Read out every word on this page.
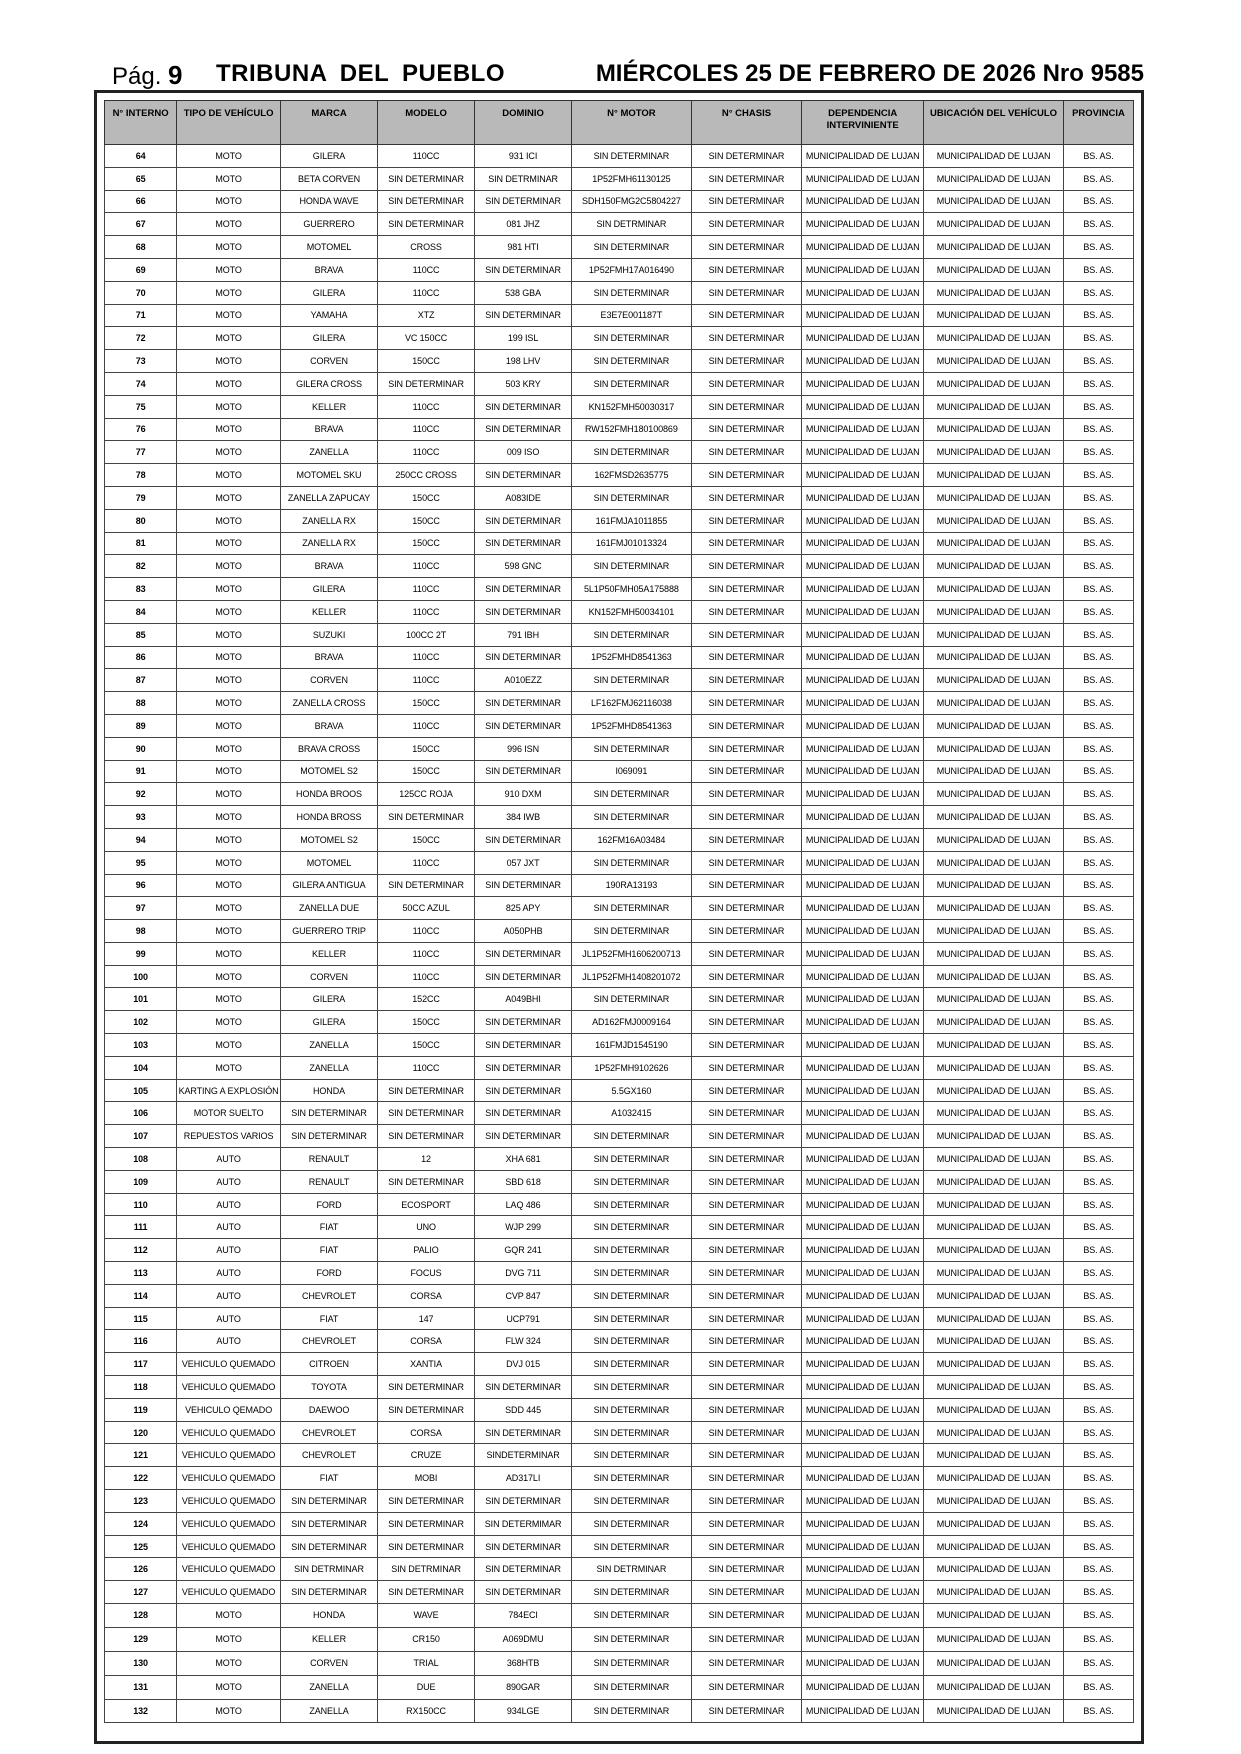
Pág. 9 TRIBUNA DEL PUEBLO	MIÉRCOLES 25 DE FEBRERO DE 2026 Nro 9585
N° INTERNO	TIPO DE VEHÍCULO	MARCA	MODELO	DOMINIO	N° MOTOR	N° CHASIS	DEPENDENCIA INTERVINIENTE	UBICACIÓN DEL VEHÍCULO	PROVINCIA
64	MOTO	GILERA	110CC	931 ICI	SIN DETERMINAR	SIN DETERMINAR	MUNICIPALIDAD DE LUJAN	MUNICIPALIDAD DE LUJAN	BS. AS.
65	MOTO	BETA CORVEN	SIN DETERMINAR	SIN DETRMINAR	1P52FMH61130125	SIN DETERMINAR	MUNICIPALIDAD DE LUJAN	MUNICIPALIDAD DE LUJAN	BS. AS.
66	MOTO	HONDA WAVE	SIN DETERMINAR	SIN DETERMINAR	SDH150FMG2C5804227	SIN DETERMINAR	MUNICIPALIDAD DE LUJAN	MUNICIPALIDAD DE LUJAN	BS. AS.
67	MOTO	GUERRERO	SIN DETERMINAR	081 JHZ	SIN DETRMINAR	SIN DETERMINAR	MUNICIPALIDAD DE LUJAN	MUNICIPALIDAD DE LUJAN	BS. AS.
68	MOTO	MOTOMEL	CROSS	981 HTI	SIN DETERMINAR	SIN DETERMINAR	MUNICIPALIDAD DE LUJAN	MUNICIPALIDAD DE LUJAN	BS. AS.
69	MOTO	BRAVA	110CC	SIN DETERMINAR	1P52FMH17A016490	SIN DETERMINAR	MUNICIPALIDAD DE LUJAN	MUNICIPALIDAD DE LUJAN	BS. AS.
70	MOTO	GILERA	110CC	538 GBA	SIN DETERMINAR	SIN DETERMINAR	MUNICIPALIDAD DE LUJAN	MUNICIPALIDAD DE LUJAN	BS. AS.
71	MOTO	YAMAHA	XTZ	SIN DETERMINAR	E3E7E001187T	SIN DETERMINAR	MUNICIPALIDAD DE LUJAN	MUNICIPALIDAD DE LUJAN	BS. AS.
72	MOTO	GILERA	VC 150CC	199 ISL	SIN DETERMINAR	SIN DETERMINAR	MUNICIPALIDAD DE LUJAN	MUNICIPALIDAD DE LUJAN	BS. AS.
73	MOTO	CORVEN	150CC	198 LHV	SIN DETERMINAR	SIN DETERMINAR	MUNICIPALIDAD DE LUJAN	MUNICIPALIDAD DE LUJAN	BS. AS.
74	MOTO	GILERA CROSS	SIN DETERMINAR	503 KRY	SIN DETERMINAR	SIN DETERMINAR	MUNICIPALIDAD DE LUJAN	MUNICIPALIDAD DE LUJAN	BS. AS.
75	MOTO	KELLER	110CC	SIN DETERMINAR	KN152FMH50030317	SIN DETERMINAR	MUNICIPALIDAD DE LUJAN	MUNICIPALIDAD DE LUJAN	BS. AS.
76	MOTO	BRAVA	110CC	SIN DETERMINAR	RW152FMH180100869	SIN DETERMINAR	MUNICIPALIDAD DE LUJAN	MUNICIPALIDAD DE LUJAN	BS. AS.
77	MOTO	ZANELLA	110CC	009 ISO	SIN DETERMINAR	SIN DETERMINAR	MUNICIPALIDAD DE LUJAN	MUNICIPALIDAD DE LUJAN	BS. AS.
78	MOTO	MOTOMEL SKU	250CC CROSS	SIN DETERMINAR	162FMSD2635775	SIN DETERMINAR	MUNICIPALIDAD DE LUJAN	MUNICIPALIDAD DE LUJAN	BS. AS.
79	MOTO	ZANELLA ZAPUCAY	150CC	A083IDE	SIN DETERMINAR	SIN DETERMINAR	MUNICIPALIDAD DE LUJAN	MUNICIPALIDAD DE LUJAN	BS. AS.
80	MOTO	ZANELLA RX	150CC	SIN DETERMINAR	161FMJA1011855	SIN DETERMINAR	MUNICIPALIDAD DE LUJAN	MUNICIPALIDAD DE LUJAN	BS. AS.
81	MOTO	ZANELLA RX	150CC	SIN DETERMINAR	161FMJ01013324	SIN DETERMINAR	MUNICIPALIDAD DE LUJAN	MUNICIPALIDAD DE LUJAN	BS. AS.
82	MOTO	BRAVA	110CC	598 GNC	SIN DETERMINAR	SIN DETERMINAR	MUNICIPALIDAD DE LUJAN	MUNICIPALIDAD DE LUJAN	BS. AS.
83	MOTO	GILERA	110CC	SIN DETERMINAR	5L1P50FMH05A175888	SIN DETERMINAR	MUNICIPALIDAD DE LUJAN	MUNICIPALIDAD DE LUJAN	BS. AS.
84	MOTO	KELLER	110CC	SIN DETERMINAR	KN152FMH50034101	SIN DETERMINAR	MUNICIPALIDAD DE LUJAN	MUNICIPALIDAD DE LUJAN	BS. AS.
85	MOTO	SUZUKI	100CC 2T	791 IBH	SIN DETERMINAR	SIN DETERMINAR	MUNICIPALIDAD DE LUJAN	MUNICIPALIDAD DE LUJAN	BS. AS.
86	MOTO	BRAVA	110CC	SIN DETERMINAR	1P52FMHD8541363	SIN DETERMINAR	MUNICIPALIDAD DE LUJAN	MUNICIPALIDAD DE LUJAN	BS. AS.
87	MOTO	CORVEN	110CC	A010EZZ	SIN DETERMINAR	SIN DETERMINAR	MUNICIPALIDAD DE LUJAN	MUNICIPALIDAD DE LUJAN	BS. AS.
88	MOTO	ZANELLA CROSS	150CC	SIN DETERMINAR	LF162FMJ62116038	SIN DETERMINAR	MUNICIPALIDAD DE LUJAN	MUNICIPALIDAD DE LUJAN	BS. AS.
89	MOTO	BRAVA	110CC	SIN DETERMINAR	1P52FMHD8541363	SIN DETERMINAR	MUNICIPALIDAD DE LUJAN	MUNICIPALIDAD DE LUJAN	BS. AS.
90	MOTO	BRAVA CROSS	150CC	996 ISN	SIN DETERMINAR	SIN DETERMINAR	MUNICIPALIDAD DE LUJAN	MUNICIPALIDAD DE LUJAN	BS. AS.
91	MOTO	MOTOMEL S2	150CC	SIN DETERMINAR	I069091	SIN DETERMINAR	MUNICIPALIDAD DE LUJAN	MUNICIPALIDAD DE LUJAN	BS. AS.
92	MOTO	HONDA BROOS	125CC ROJA	910 DXM	SIN DETERMINAR	SIN DETERMINAR	MUNICIPALIDAD DE LUJAN	MUNICIPALIDAD DE LUJAN	BS. AS.
93	MOTO	HONDA BROSS	SIN DETERMINAR	384 IWB	SIN DETERMINAR	SIN DETERMINAR	MUNICIPALIDAD DE LUJAN	MUNICIPALIDAD DE LUJAN	BS. AS.
94	MOTO	MOTOMEL S2	150CC	SIN DETERMINAR	162FM16A03484	SIN DETERMINAR	MUNICIPALIDAD DE LUJAN	MUNICIPALIDAD DE LUJAN	BS. AS.
95	MOTO	MOTOMEL	110CC	057 JXT	SIN DETERMINAR	SIN DETERMINAR	MUNICIPALIDAD DE LUJAN	MUNICIPALIDAD DE LUJAN	BS. AS.
96	MOTO	GILERA ANTIGUA	SIN DETERMINAR	SIN DETERMINAR	190RA13193	SIN DETERMINAR	MUNICIPALIDAD DE LUJAN	MUNICIPALIDAD DE LUJAN	BS. AS.
97	MOTO	ZANELLA DUE	50CC AZUL	825 APY	SIN DETERMINAR	SIN DETERMINAR	MUNICIPALIDAD DE LUJAN	MUNICIPALIDAD DE LUJAN	BS. AS.
98	MOTO	GUERRERO TRIP	110CC	A050PHB	SIN DETERMINAR	SIN DETERMINAR	MUNICIPALIDAD DE LUJAN	MUNICIPALIDAD DE LUJAN	BS. AS.
99	MOTO	KELLER	110CC	SIN DETERMINAR	JL1P52FMH1606200713	SIN DETERMINAR	MUNICIPALIDAD DE LUJAN	MUNICIPALIDAD DE LUJAN	BS. AS.
100	MOTO	CORVEN	110CC	SIN DETERMINAR	JL1P52FMH1408201072	SIN DETERMINAR	MUNICIPALIDAD DE LUJAN	MUNICIPALIDAD DE LUJAN	BS. AS.
101	MOTO	GILERA	152CC	A049BHI	SIN DETERMINAR	SIN DETERMINAR	MUNICIPALIDAD DE LUJAN	MUNICIPALIDAD DE LUJAN	BS. AS.
102	MOTO	GILERA	150CC	SIN DETERMINAR	AD162FMJ0009164	SIN DETERMINAR	MUNICIPALIDAD DE LUJAN	MUNICIPALIDAD DE LUJAN	BS. AS.
103	MOTO	ZANELLA	150CC	SIN DETERMINAR	161FMJD1545190	SIN DETERMINAR	MUNICIPALIDAD DE LUJAN	MUNICIPALIDAD DE LUJAN	BS. AS.
104	MOTO	ZANELLA	110CC	SIN DETERMINAR	1P52FMH9102626	SIN DETERMINAR	MUNICIPALIDAD DE LUJAN	MUNICIPALIDAD DE LUJAN	BS. AS.
105	KARTING A EXPLOSIÓN	HONDA	SIN DETERMINAR	SIN DETERMINAR	5.5GX160	SIN DETERMINAR	MUNICIPALIDAD DE LUJAN	MUNICIPALIDAD DE LUJAN	BS. AS.
106	MOTOR SUELTO	SIN DETERMINAR	SIN DETERMINAR	SIN DETERMINAR	A1032415	SIN DETERMINAR	MUNICIPALIDAD DE LUJAN	MUNICIPALIDAD DE LUJAN	BS. AS.
107	REPUESTOS VARIOS	SIN DETERMINAR	SIN DETERMINAR	SIN DETERMINAR	SIN DETERMINAR	SIN DETERMINAR	MUNICIPALIDAD DE LUJAN	MUNICIPALIDAD DE LUJAN	BS. AS.
108	AUTO	RENAULT	12	XHA 681	SIN DETERMINAR	SIN DETERMINAR	MUNICIPALIDAD DE LUJAN	MUNICIPALIDAD DE LUJAN	BS. AS.
109	AUTO	RENAULT	SIN DETERMINAR	SBD 618	SIN DETERMINAR	SIN DETERMINAR	MUNICIPALIDAD DE LUJAN	MUNICIPALIDAD DE LUJAN	BS. AS.
110	AUTO	FORD	ECOSPORT	LAQ 486	SIN DETERMINAR	SIN DETERMINAR	MUNICIPALIDAD DE LUJAN	MUNICIPALIDAD DE LUJAN	BS. AS.
111	AUTO	FIAT	UNO	WJP 299	SIN DETERMINAR	SIN DETERMINAR	MUNICIPALIDAD DE LUJAN	MUNICIPALIDAD DE LUJAN	BS. AS.
112	AUTO	FIAT	PALIO	GQR 241	SIN DETERMINAR	SIN DETERMINAR	MUNICIPALIDAD DE LUJAN	MUNICIPALIDAD DE LUJAN	BS. AS.
113	AUTO	FORD	FOCUS	DVG 711	SIN DETERMINAR	SIN DETERMINAR	MUNICIPALIDAD DE LUJAN	MUNICIPALIDAD DE LUJAN	BS. AS.
114	AUTO	CHEVROLET	CORSA	CVP 847	SIN DETERMINAR	SIN DETERMINAR	MUNICIPALIDAD DE LUJAN	MUNICIPALIDAD DE LUJAN	BS. AS.
115	AUTO	FIAT	147	UCP791	SIN DETERMINAR	SIN DETERMINAR	MUNICIPALIDAD DE LUJAN	MUNICIPALIDAD DE LUJAN	BS. AS.
116	AUTO	CHEVROLET	CORSA	FLW 324	SIN DETERMINAR	SIN DETERMINAR	MUNICIPALIDAD DE LUJAN	MUNICIPALIDAD DE LUJAN	BS. AS.
117	VEHICULO QUEMADO	CITROEN	XANTIA	DVJ 015	SIN DETERMINAR	SIN DETERMINAR	MUNICIPALIDAD DE LUJAN	MUNICIPALIDAD DE LUJAN	BS. AS.
118	VEHICULO QUEMADO	TOYOTA	SIN DETERMINAR	SIN DETERMINAR	SIN DETERMINAR	SIN DETERMINAR	MUNICIPALIDAD DE LUJAN	MUNICIPALIDAD DE LUJAN	BS. AS.
119	VEHICULO QEMADO	DAEWOO	SIN DETERMINAR	SDD 445	SIN DETERMINAR	SIN DETERMINAR	MUNICIPALIDAD DE LUJAN	MUNICIPALIDAD DE LUJAN	BS. AS.
120	VEHICULO QUEMADO	CHEVROLET	CORSA	SIN DETERMINAR	SIN DETERMINAR	SIN DETERMINAR	MUNICIPALIDAD DE LUJAN	MUNICIPALIDAD DE LUJAN	BS. AS.
121	VEHICULO QUEMADO	CHEVROLET	CRUZE	SINDETERMINAR	SIN DETERMINAR	SIN DETERMINAR	MUNICIPALIDAD DE LUJAN	MUNICIPALIDAD DE LUJAN	BS. AS.
122	VEHICULO QUEMADO	FIAT	MOBI	AD317LI	SIN DETERMINAR	SIN DETERMINAR	MUNICIPALIDAD DE LUJAN	MUNICIPALIDAD DE LUJAN	BS. AS.
123	VEHICULO QUEMADO	SIN DETERMINAR	SIN DETERMINAR	SIN DETERMINAR	SIN DETERMINAR	SIN DETERMINAR	MUNICIPALIDAD DE LUJAN	MUNICIPALIDAD DE LUJAN	BS. AS.
124	VEHICULO QUEMADO	SIN DETERMINAR	SIN DETERMINAR	SIN DETERMIMAR	SIN DETERMINAR	SIN DETERMINAR	MUNICIPALIDAD DE LUJAN	MUNICIPALIDAD DE LUJAN	BS. AS.
125	VEHICULO QUEMADO	SIN DETERMINAR	SIN DETERMINAR	SIN DETERMINAR	SIN DETERMINAR	SIN DETERMINAR	MUNICIPALIDAD DE LUJAN	MUNICIPALIDAD DE LUJAN	BS. AS.
126	VEHICULO QUEMADO	SIN DETRMINAR	SIN DETRMINAR	SIN DETERMINAR	SIN DETRMINAR	SIN DETERMINAR	MUNICIPALIDAD DE LUJAN	MUNICIPALIDAD DE LUJAN	BS. AS.
127	VEHICULO QUEMADO	SIN DETERMINAR	SIN DETERMINAR	SIN DETERMINAR	SIN DETERMINAR	SIN DETERMINAR	MUNICIPALIDAD DE LUJAN	MUNICIPALIDAD DE LUJAN	BS. AS.
128	MOTO	HONDA	WAVE	784ECI	SIN DETERMINAR	SIN DETERMINAR	MUNICIPALIDAD DE LUJAN	MUNICIPALIDAD DE LUJAN	BS. AS.
129	MOTO	KELLER	CR150	A069DMU	SIN DETERMINAR	SIN DETERMINAR	MUNICIPALIDAD DE LUJAN	MUNICIPALIDAD DE LUJAN	BS. AS.
130	MOTO	CORVEN	TRIAL	368HTB	SIN DETERMINAR	SIN DETERMINAR	MUNICIPALIDAD DE LUJAN	MUNICIPALIDAD DE LUJAN	BS. AS.
131	MOTO	ZANELLA	DUE	890GAR	SIN DETERMINAR	SIN DETERMINAR	MUNICIPALIDAD DE LUJAN	MUNICIPALIDAD DE LUJAN	BS. AS.
132	MOTO	ZANELLA	RX150CC	934LGE	SIN DETERMINAR	SIN DETERMINAR	MUNICIPALIDAD DE LUJAN	MUNICIPALIDAD DE LUJAN	BS. AS.
